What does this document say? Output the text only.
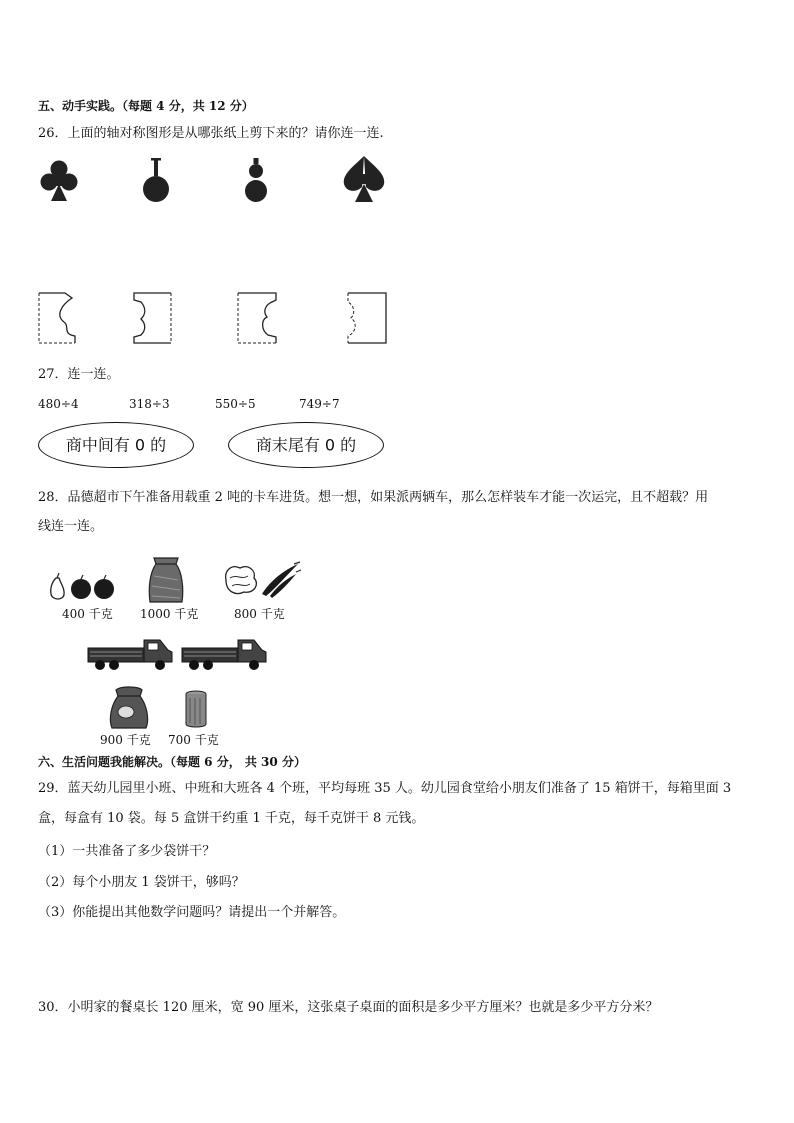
五、动手实践。（每题 4 分，共 12 分）
26．上面的轴对称图形是从哪张纸上剪下来的？请你连一连.
27．连一连。
480÷4	318÷3	550÷5	749÷7
商中间有 0 的	商末尾有 0 的
28．品德超市下午准备用载重 2 吨的卡车进货。想一想，如果派两辆车，那么怎样装车才能一次运完，且不超载？用
线连一连。
400 千克 1000 千克	800 千克
900 千克 700 千克
六、生活问题我能解决。（每题 6 分， 共 30 分）
29．蓝天幼儿园里小班、中班和大班各 4 个班，平均每班 35 人。幼儿园食堂给小朋友们准备了 15 箱饼干，每箱里面 3
盒，每盒有 10 袋。每 5 盒饼干约重 1 千克，每千克饼干 8 元钱。
（1）一共准备了多少袋饼干？
（2）每个小朋友 1 袋饼干，够吗？
（3）你能提出其他数学问题吗？请提出一个并解答。
30．小明家的餐桌长 120 厘米，宽 90 厘米，这张桌子桌面的面积是多少平方厘米？也就是多少平方分米？
